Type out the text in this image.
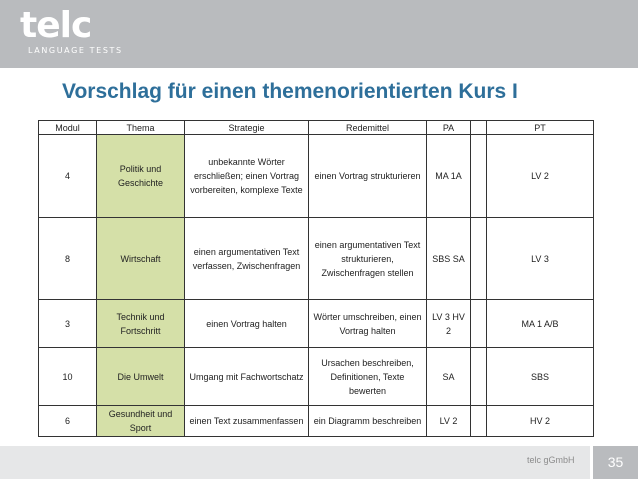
telc
LANGUAGE TESTS
Vorschlag für einen themenorientierten Kurs I
Modul	Thema	Strategie	Redemittel	PA		PT
4	Politik und Geschichte	unbekannte Wörter erschließen; einen Vortrag vorbereiten, komplexe Texte	einen Vortrag strukturieren	MA 1A		LV 2
8	Wirtschaft	einen argumentativen Text verfassen, Zwischenfragen	einen argumentativen Text strukturieren, Zwischenfragen stellen	SBS SA		LV 3
3	Technik und Fortschritt	einen Vortrag halten	Wörter umschreiben, einen Vortrag halten	LV 3 HV 2		MA 1 A/B
10	Die Umwelt	Umgang mit Fachwortschatz	Ursachen beschreiben, Definitionen, Texte bewerten	SA		SBS
6	Gesundheit und Sport	einen Text zusammenfassen	ein Diagramm beschreiben	LV 2		HV 2
telc gGmbH	35
